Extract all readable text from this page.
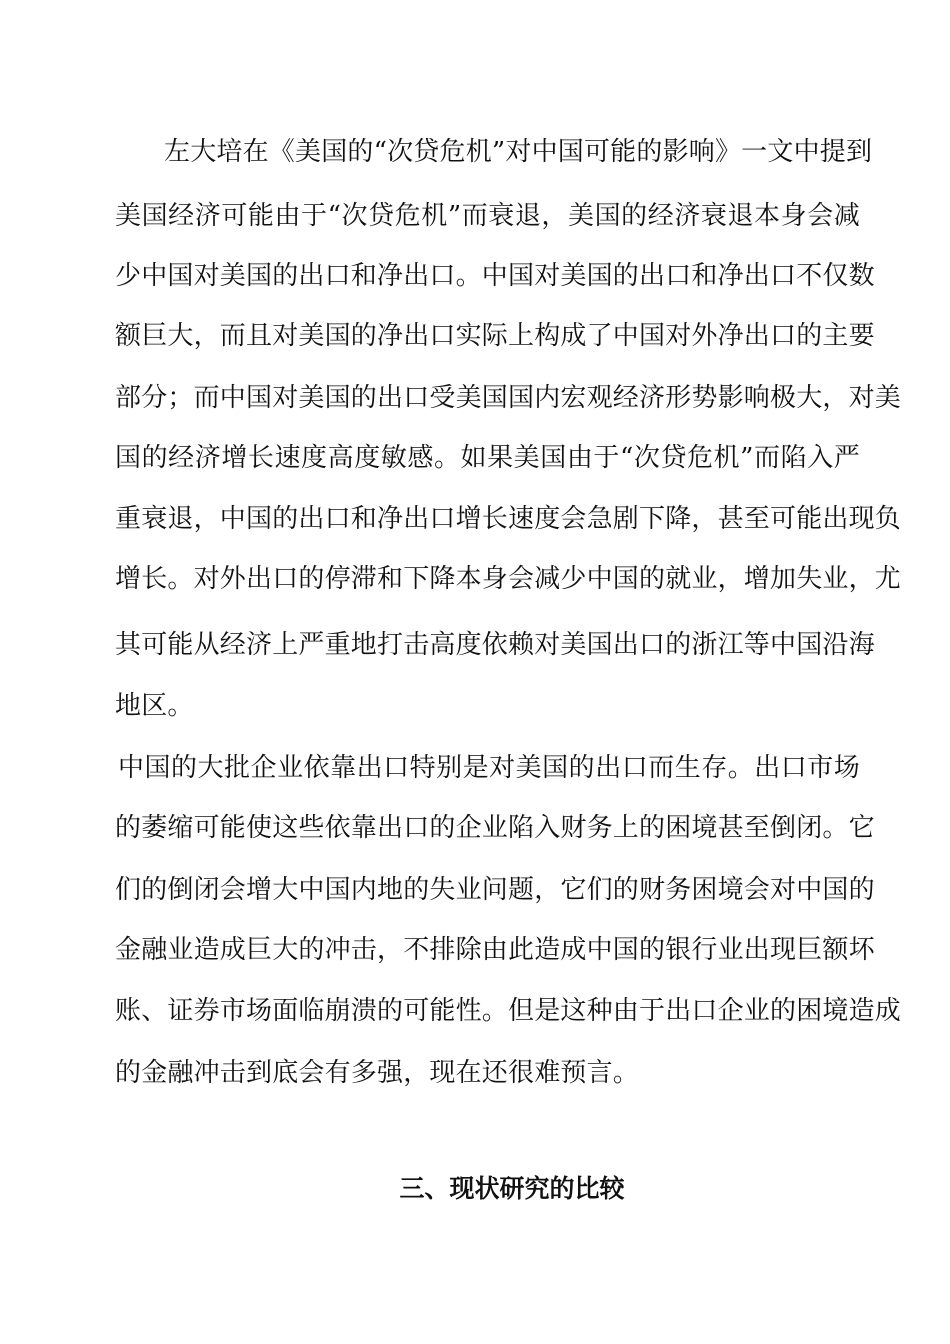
左大培在《美国的“次贷危机”对中国可能的影响》一文中提到
美国经济可能由于“次贷危机”而衰退，美国的经济衰退本身会减
少中国对美国的出口和净出口。中国对美国的出口和净出口不仅数
额巨大，而且对美国的净出口实际上构成了中国对外净出口的主要
部分；而中国对美国的出口受美国国内宏观经济形势影响极大，对美
国的经济增长速度高度敏感。如果美国由于“次贷危机”而陷入严
重衰退，中国的出口和净出口增长速度会急剧下降，甚至可能出现负
增长。对外出口的停滞和下降本身会减少中国的就业，增加失业，尤
其可能从经济上严重地打击高度依赖对美国出口的浙江等中国沿海
地区。
中国的大批企业依靠出口特别是对美国的出口而生存。出口市场
的萎缩可能使这些依靠出口的企业陷入财务上的困境甚至倒闭。它
们的倒闭会增大中国内地的失业问题，它们的财务困境会对中国的
金融业造成巨大的冲击，不排除由此造成中国的银行业出现巨额坏
账、证券市场面临崩溃的可能性。但是这种由于出口企业的困境造成
的金融冲击到底会有多强，现在还很难预言。
三、现状研究的比较
